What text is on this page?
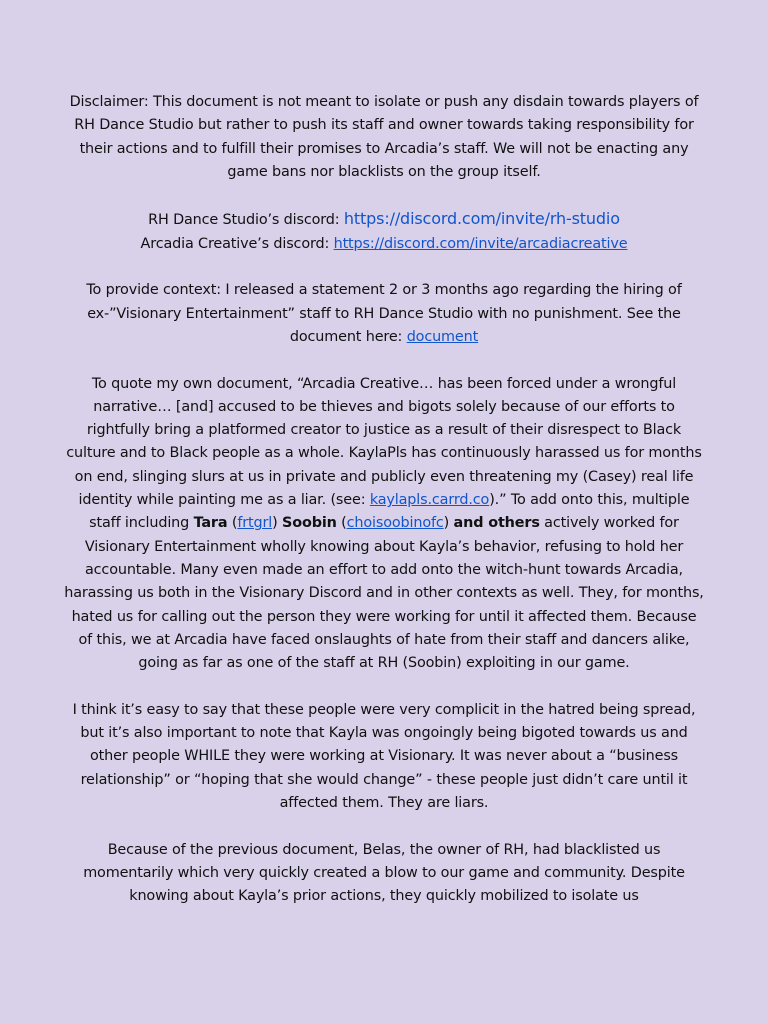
Disclaimer: This document is not meant to isolate or push any disdain towards players of RH Dance Studio but rather to push its staff and owner towards taking responsibility for their actions and to fulfill their promises to Arcadia’s staff. We will not be enacting any game bans nor blacklists on the group itself.
RH Dance Studio’s discord: https://discord.com/invite/rh-studio
Arcadia Creative’s discord: https://discord.com/invite/arcadiacreative
To provide context: I released a statement 2 or 3 months ago regarding the hiring of ex-”Visionary Entertainment” staff to RH Dance Studio with no punishment. See the document here: document
To quote my own document, “Arcadia Creative… has been forced under a wrongful narrative… [and] accused to be thieves and bigots solely because of our efforts to rightfully bring a platformed creator to justice as a result of their disrespect to Black culture and to Black people as a whole. KaylaPls has continuously harassed us for months on end, slinging slurs at us in private and publicly even threatening my (Casey) real life identity while painting me as a liar. (see: kaylapls.carrd.co).” To add onto this, multiple staff including Tara (frtgrl) Soobin (choisoobinofc) and others actively worked for Visionary Entertainment wholly knowing about Kayla’s behavior, refusing to hold her accountable. Many even made an effort to add onto the witch-hunt towards Arcadia, harassing us both in the Visionary Discord and in other contexts as well. They, for months, hated us for calling out the person they were working for until it affected them. Because of this, we at Arcadia have faced onslaughts of hate from their staff and dancers alike, going as far as one of the staff at RH (Soobin) exploiting in our game.
I think it’s easy to say that these people were very complicit in the hatred being spread, but it’s also important to note that Kayla was ongoingly being bigoted towards us and other people WHILE they were working at Visionary. It was never about a “business relationship” or “hoping that she would change” - these people just didn’t care until it affected them. They are liars.
Because of the previous document, Belas, the owner of RH, had blacklisted us momentarily which very quickly created a blow to our game and community. Despite knowing about Kayla’s prior actions, they quickly mobilized to isolate us
